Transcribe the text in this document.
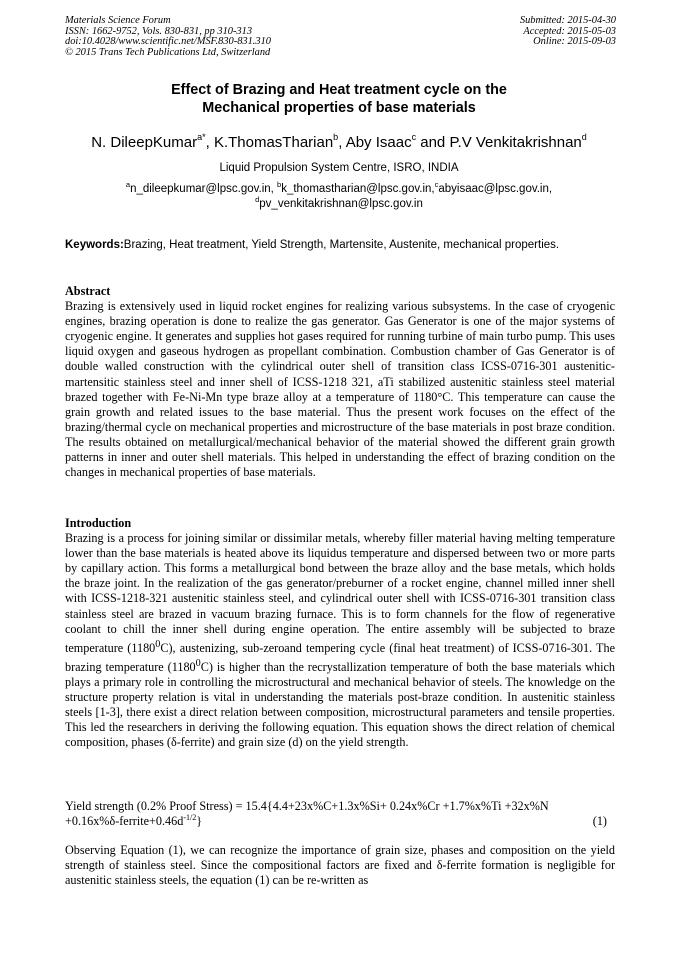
Materials Science Forum
ISSN: 1662-9752, Vols. 830-831, pp 310-313
doi:10.4028/www.scientific.net/MSF.830-831.310
© 2015 Trans Tech Publications Ltd, Switzerland
Submitted: 2015-04-30
Accepted: 2015-05-03
Online: 2015-09-03
Effect of Brazing and Heat treatment cycle on the
Mechanical properties of base materials
N. DileepKumar$^{a*}$, K.ThomasTharian$^b$, Aby Isaac$^c$ and P.V Venkitakrishnan$^d$
Liquid Propulsion System Centre, ISRO, INDIA
$^a$n_dileepkumar@lpsc.gov.in, $^b$k_thomastharian@lpsc.gov.in,$^c$abyisaac@lpsc.gov.in,
$^d$pv_venkitakrishnan@lpsc.gov.in
Keywords:Brazing, Heat treatment, Yield Strength, Martensite, Austenite, mechanical properties.
Abstract

Brazing is extensively used in liquid rocket engines for realizing various subsystems. In the case of cryogenic engines, brazing operation is done to realize the gas generator. Gas Generator is one of the major systems of cryogenic engine. It generates and supplies hot gases required for running turbine of main turbo pump. This uses liquid oxygen and gaseous hydrogen as propellant combination. Combustion chamber of Gas Generator is of double walled construction with the cylindrical outer shell of transition class ICSS-0716-301 austenitic-martensitic stainless steel and inner shell of ICSS-1218 321, aTi stabilized austenitic stainless steel material brazed together with Fe-Ni-Mn type braze alloy at a temperature of 1180°C. This temperature can cause the grain growth and related issues to the base material. Thus the present work focuses on the effect of the brazing/thermal cycle on mechanical properties and microstructure of the base materials in post braze condition. The results obtained on metallurgical/mechanical behavior of the material showed the different grain growth patterns in inner and outer shell materials. This helped in understanding the effect of brazing condition on the changes in mechanical properties of base materials.

Introduction

Brazing is a process for joining similar or dissimilar metals, whereby filler material having melting temperature lower than the base materials is heated above its liquidus temperature and dispersed between two or more parts by capillary action. This forms a metallurgical bond between the braze alloy and the base metals, which holds the braze joint. In the realization of the gas generator/preburner of a rocket engine, channel milled inner shell with ICSS-1218-321 austenitic stainless steel, and cylindrical outer shell with ICSS-0716-301 transition class stainless steel are brazed in vacuum brazing furnace. This is to form channels for the flow of regenerative coolant to chill the inner shell during engine operation. The entire assembly will be subjected to braze temperature (1180$^0$C), austenizing, sub-zeroand tempering cycle (final heat treatment) of ICSS-0716-301. The brazing temperature (1180$^0$C) is higher than the recrystallization temperature of both the base materials which plays a primary role in controlling the microstructural and mechanical behavior of steels. The knowledge on the structure property relation is vital in understanding the materials post-braze condition. In austenitic stainless steels [1-3], there exist a direct relation between composition, microstructural parameters and tensile properties. This led the researchers in deriving the following equation. This equation shows the direct relation of chemical composition, phases (δ-ferrite) and grain size (d) on the yield strength.

Yield strength (0.2% Proof Stress) = 15.4{4.4+23x%C+1.3x%Si+ 0.24x%Cr +1.7%x%Ti +32x%N
$+0.16x\%\delta-ferrite+0.46d^{-1/2}$}	(1)

Observing Equation (1), we can recognize the importance of grain size, phases and composition on the yield strength of stainless steel. Since the compositional factors are fixed and δ-ferrite formation is negligible for austenitic stainless steels, the equation (1) can be re-written as
